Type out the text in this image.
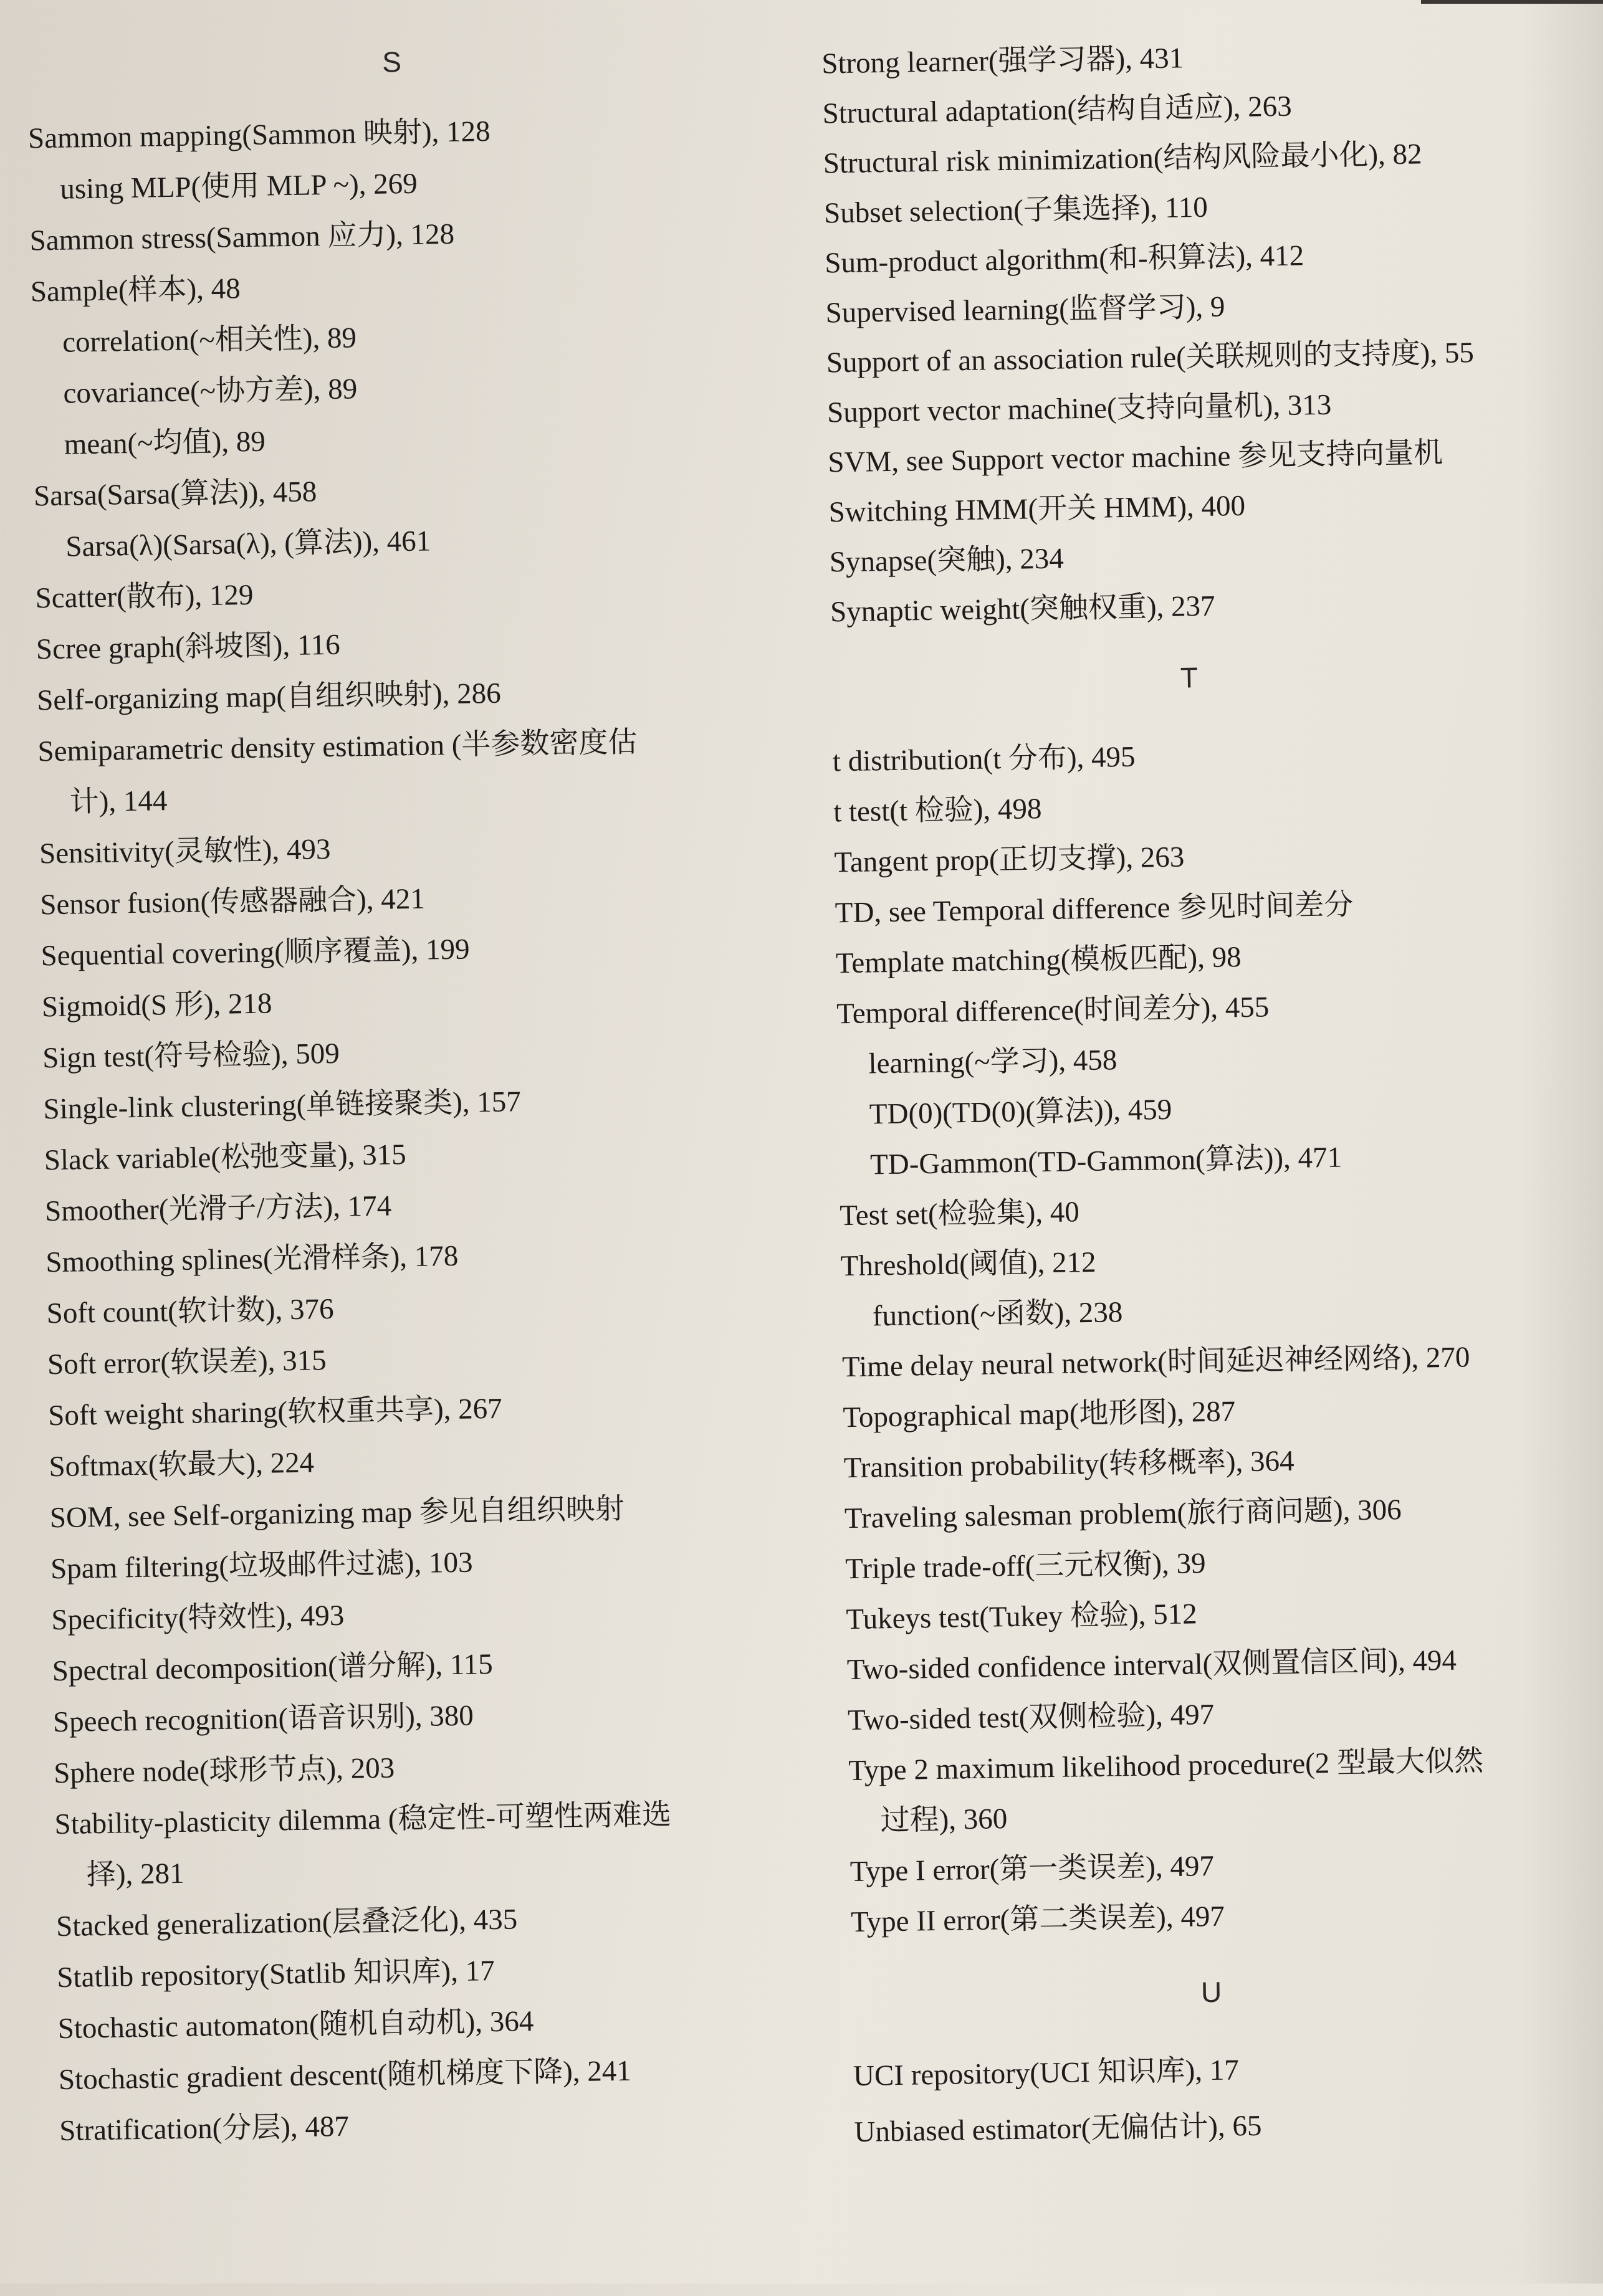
S
Sammon mapping(Sammon 映射), 128
using MLP(使用 MLP ~), 269
Sammon stress(Sammon 应力), 128
Sample(样本), 48
correlation(~相关性), 89
covariance(~协方差), 89
mean(~均值), 89
Sarsa(Sarsa(算法)), 458
Sarsa(λ)(Sarsa(λ), (算法)), 461
Scatter(散布), 129
Scree graph(斜坡图), 116
Self-organizing map(自组织映射), 286
Semiparametric density estimation (半参数密度估
计), 144
Sensitivity(灵敏性), 493
Sensor fusion(传感器融合), 421
Sequential covering(顺序覆盖), 199
Sigmoid(S 形), 218
Sign test(符号检验), 509
Single-link clustering(单链接聚类), 157
Slack variable(松弛变量), 315
Smoother(光滑子/方法), 174
Smoothing splines(光滑样条), 178
Soft count(软计数), 376
Soft error(软误差), 315
Soft weight sharing(软权重共享), 267
Softmax(软最大), 224
SOM, see Self-organizing map 参见自组织映射
Spam filtering(垃圾邮件过滤), 103
Specificity(特效性), 493
Spectral decomposition(谱分解), 115
Speech recognition(语音识别), 380
Sphere node(球形节点), 203
Stability-plasticity dilemma (稳定性-可塑性两难选
择), 281
Stacked generalization(层叠泛化), 435
Statlib repository(Statlib 知识库), 17
Stochastic automaton(随机自动机), 364
Stochastic gradient descent(随机梯度下降), 241
Stratification(分层), 487
Strong learner(强学习器), 431
Structural adaptation(结构自适应), 263
Structural risk minimization(结构风险最小化), 82
Subset selection(子集选择), 110
Sum-product algorithm(和-积算法), 412
Supervised learning(监督学习), 9
Support of an association rule(关联规则的支持度), 55
Support vector machine(支持向量机), 313
SVM, see Support vector machine 参见支持向量机
Switching HMM(开关 HMM), 400
Synapse(突触), 234
Synaptic weight(突触权重), 237
T
t distribution(t 分布), 495
t test(t 检验), 498
Tangent prop(正切支撑), 263
TD, see Temporal difference 参见时间差分
Template matching(模板匹配), 98
Temporal difference(时间差分), 455
learning(~学习), 458
TD(0)(TD(0)(算法)), 459
TD-Gammon(TD-Gammon(算法)), 471
Test set(检验集), 40
Threshold(阈值), 212
function(~函数), 238
Time delay neural network(时间延迟神经网络), 270
Topographical map(地形图), 287
Transition probability(转移概率), 364
Traveling salesman problem(旅行商问题), 306
Triple trade-off(三元权衡), 39
Tukeys test(Tukey 检验), 512
Two-sided confidence interval(双侧置信区间), 494
Two-sided test(双侧检验), 497
Type 2 maximum likelihood procedure(2 型最大似然
过程), 360
Type I error(第一类误差), 497
Type II error(第二类误差), 497
U
UCI repository(UCI 知识库), 17
Unbiased estimator(无偏估计), 65
